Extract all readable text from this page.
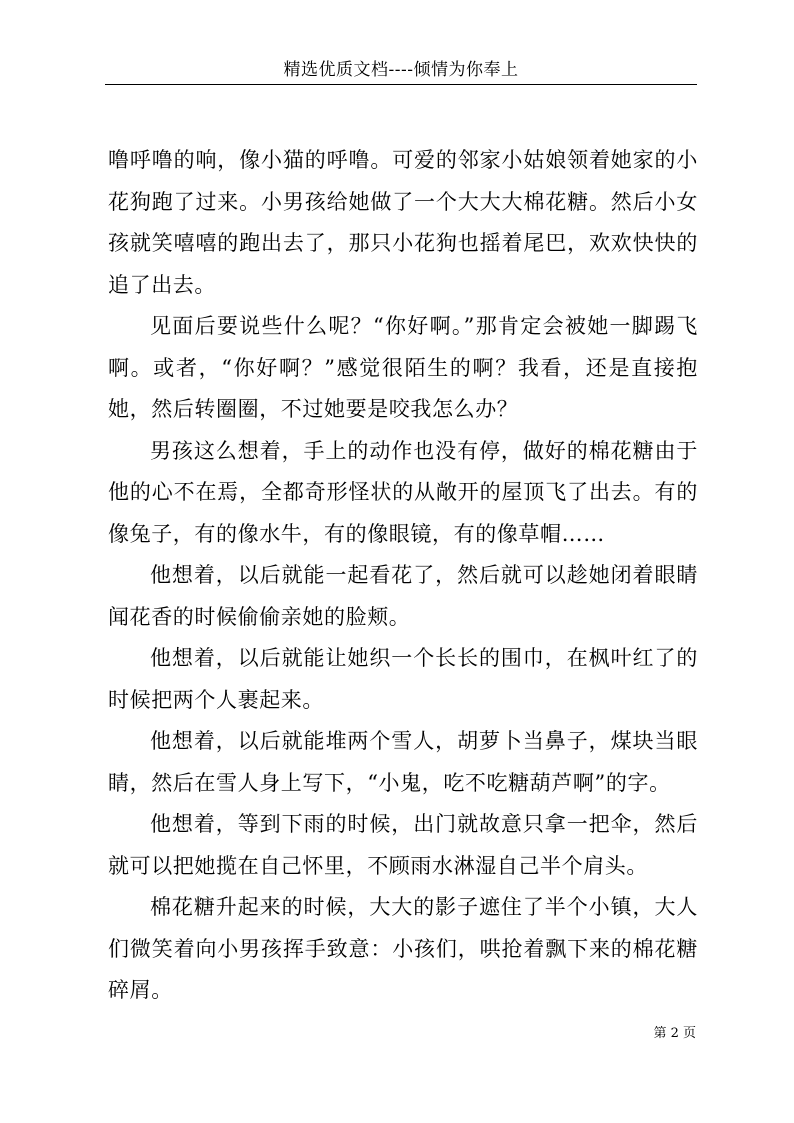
精选优质文档----倾情为你奉上

噜呼噜的响，像小猫的呼噜。可爱的邻家小姑娘领着她家的小花狗跑了过来。小男孩给她做了一个大大大棉花糖。然后小女孩就笑嘻嘻的跑出去了，那只小花狗也摇着尾巴，欢欢快快的追了出去。

见面后要说些什么呢？“你好啊。”那肯定会被她一脚踢飞啊。或者，“你好啊？”感觉很陌生的啊？我看，还是直接抱她，然后转圈圈，不过她要是咬我怎么办？

男孩这么想着，手上的动作也没有停，做好的棉花糖由于他的心不在焉，全都奇形怪状的从敞开的屋顶飞了出去。有的像兔子，有的像水牛，有的像眼镜，有的像草帽……

他想着，以后就能一起看花了，然后就可以趁她闭着眼睛闻花香的时候偷偷亲她的脸颊。

他想着，以后就能让她织一个长长的围巾，在枫叶红了的时候把两个人裹起来。

他想着，以后就能堆两个雪人，胡萝卜当鼻子，煤块当眼睛，然后在雪人身上写下，“小鬼，吃不吃糖葫芦啊”的字。

他想着，等到下雨的时候，出门就故意只拿一把伞，然后就可以把她揽在自己怀里，不顾雨水淋湿自己半个肩头。

棉花糖升起来的时候，大大的影子遮住了半个小镇，大人们微笑着向小男孩挥手致意：小孩们，哄抢着飘下来的棉花糖碎屑。

第 2 页
